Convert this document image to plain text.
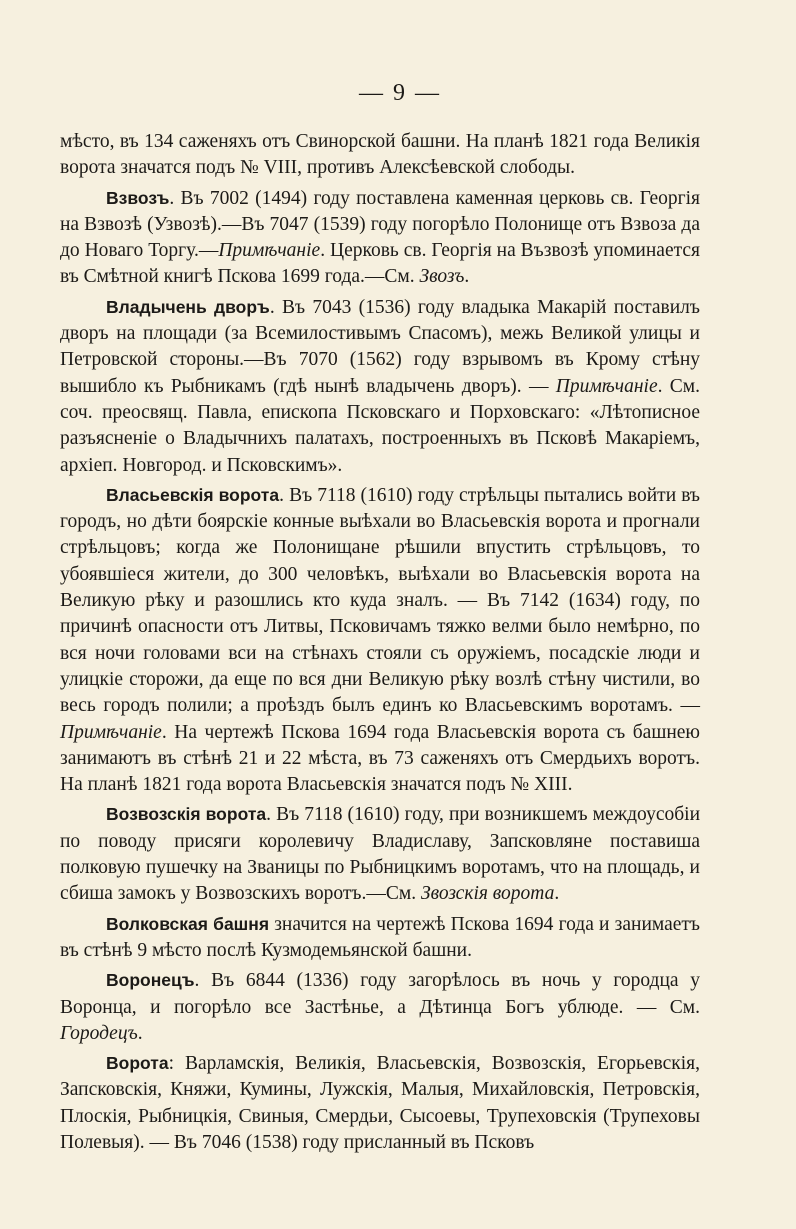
— 9 —

мѣсто, въ 134 саженяхъ отъ Свинорской башни. На планѣ 1821 года Великія ворота значатся подъ № VIII, противъ Алексѣевской слободы.

Взвозъ. Въ 7002 (1494) году поставлена каменная церковь св. Георгія на Взвозѣ (Узвозѣ).—Въ 7047 (1539) году погорѣло Полонище отъ Взвоза да до Новаго Торгу.—Примѣчаніе. Церковь св. Георгія на Възвозѣ упоминается въ Смѣтной книгѣ Пскова 1699 года.—См. Звозъ.

Владычень дворъ. Въ 7043 (1536) году владыка Макарій поставилъ дворъ на площади (за Всемилостивымъ Спасомъ), межь Великой улицы и Петровской стороны.—Въ 7070 (1562) году взрывомъ въ Крому стѣну вышибло къ Рыбникамъ (гдѣ нынѣ владычень дворъ). — Примѣчаніе. См. соч. преосвящ. Павла, епископа Псковскаго и Порховскаго: «Лѣтописное разъясненіе о Владычнихъ палатахъ, построенныхъ въ Псковѣ Макаріемъ, архіеп. Новгород. и Псковскимъ».

Власьевскія ворота. Въ 7118 (1610) году стрѣльцы пытались войти въ городъ, но дѣти боярскіе конные выѣхали во Власьевскія ворота и прогнали стрѣльцовъ; когда же Полонищане рѣшили впустить стрѣльцовъ, то убоявшіеся жители, до 300 человѣкъ, выѣхали во Власьевскія ворота на Великую рѣку и разошлись кто куда зналъ. — Въ 7142 (1634) году, по причинѣ опасности отъ Литвы, Псковичамъ тяжко велми было немѣрно, по вся ночи головами вси на стѣнахъ стояли съ оружіемъ, посадскіе люди и улицкіе сторожи, да еще по вся дни Великую рѣку возлѣ стѣну чистили, во весь городъ полили; а проѣздъ былъ единъ ко Власьевскимъ воротамъ. — Примѣчаніе. На чертежѣ Пскова 1694 года Власьевскія ворота съ башнею занимаютъ въ стѣнѣ 21 и 22 мѣста, въ 73 саженяхъ отъ Смердьихъ воротъ. На планѣ 1821 года ворота Власьевскія значатся подъ № XIII.

Возвозскія ворота. Въ 7118 (1610) году, при возникшемъ междоусобіи по поводу присяги королевичу Владиславу, Запсковляне поставиша полковую пушечку на Званицы по Рыбницкимъ воротамъ, что на площадь, и сбиша замокъ у Возвозскихъ воротъ.—См. Звозскія ворота.

Волковская башня значится на чертежѣ Пскова 1694 года и занимаетъ въ стѣнѣ 9 мѣсто послѣ Кузмодемьянской башни.

Воронецъ. Въ 6844 (1336) году загорѣлось въ ночь у городца у Воронца, и погорѣло все Застѣнье, а Дѣтинца Богъ ублюде. — См. Городецъ.

Ворота: Варламскія, Великія, Власьевскія, Возвозскія, Егорьевскія, Запсковскія, Княжи, Кумины, Лужскія, Малыя, Михайловскія, Петровскія, Плоскія, Рыбницкія, Свиныя, Смердьи, Сысоевы, Трупеховскія (Трупеховы Полевыя). — Въ 7046 (1538) году присланный въ Псковъ
